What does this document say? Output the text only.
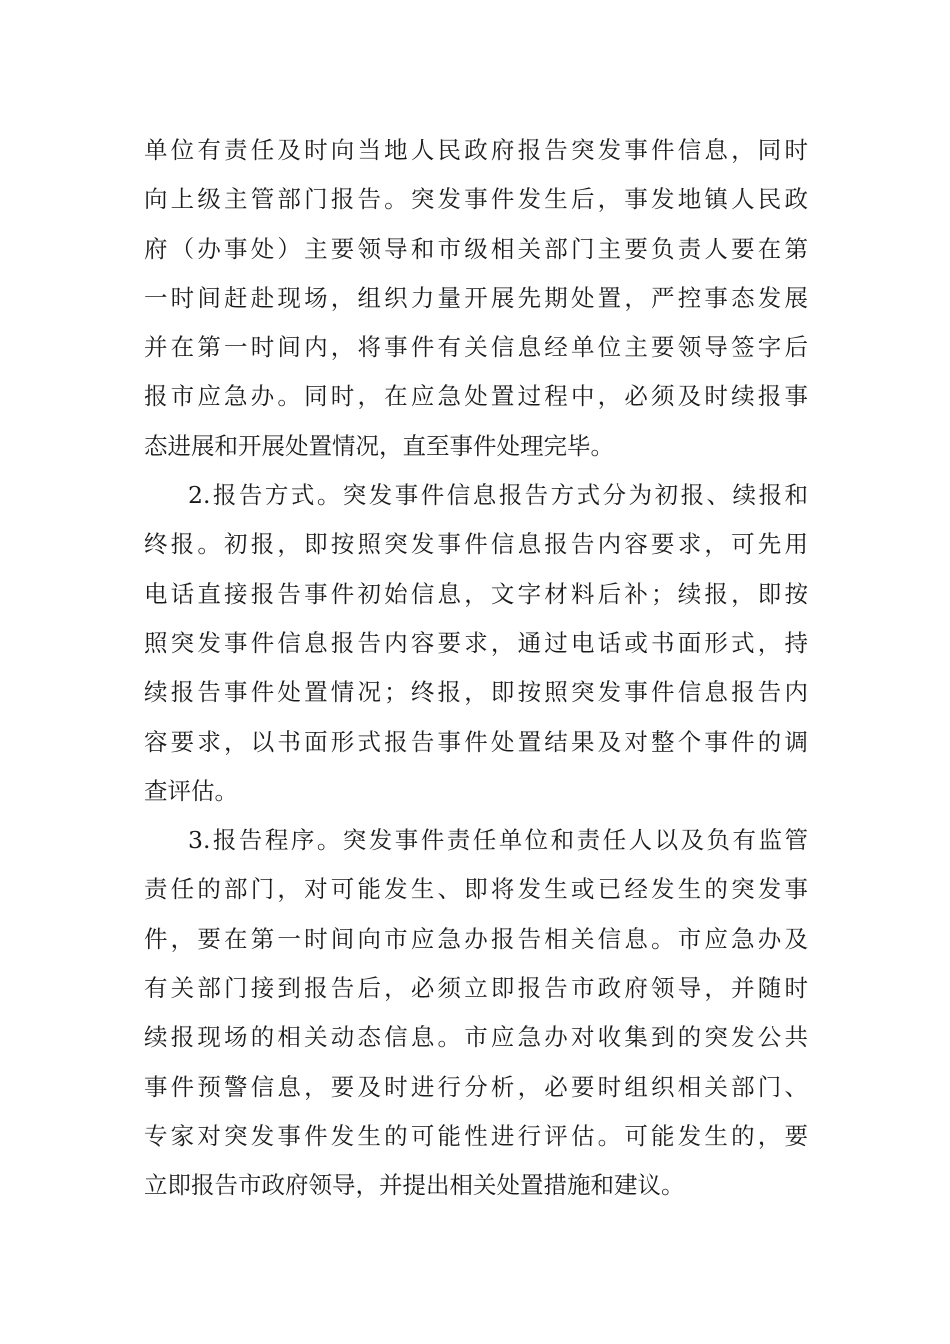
单位有责任及时向当地人民政府报告突发事件信息，同时
向上级主管部门报告。突发事件发生后，事发地镇人民政
府（办事处）主要领导和市级相关部门主要负责人要在第
一时间赶赴现场，组织力量开展先期处置，严控事态发展
并在第一时间内，将事件有关信息经单位主要领导签字后
报市应急办。同时，在应急处置过程中，必须及时续报事
态进展和开展处置情况，直至事件处理完毕。
2.报告方式。突发事件信息报告方式分为初报、续报和
终报。初报，即按照突发事件信息报告内容要求，可先用
电话直接报告事件初始信息，文字材料后补；续报，即按
照突发事件信息报告内容要求，通过电话或书面形式，持
续报告事件处置情况；终报，即按照突发事件信息报告内
容要求，以书面形式报告事件处置结果及对整个事件的调
查评估。
3.报告程序。突发事件责任单位和责任人以及负有监管
责任的部门，对可能发生、即将发生或已经发生的突发事
件，要在第一时间向市应急办报告相关信息。市应急办及
有关部门接到报告后，必须立即报告市政府领导，并随时
续报现场的相关动态信息。市应急办对收集到的突发公共
事件预警信息，要及时进行分析，必要时组织相关部门、
专家对突发事件发生的可能性进行评估。可能发生的，要
立即报告市政府领导，并提出相关处置措施和建议。
